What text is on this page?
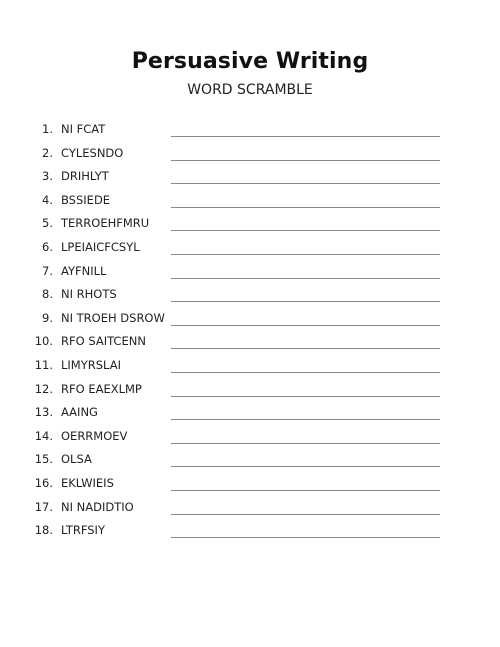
Persuasive Writing
WORD SCRAMBLE
1. NI FCAT
2. CYLESNDO
3. DRIHLYT
4. BSSIEDE
5. TERROEHFMRU
6. LPEIAICFCSYL
7. AYFNILL
8. NI RHOTS
9. NI TROEH DSROW
10. RFO SAITCENN
11. LIMYRSLAI
12. RFO EAEXLMP
13. AAING
14. OERRMOEV
15. OLSA
16. EKLWIEIS
17. NI NADIDTIO
18. LTRFSIY
